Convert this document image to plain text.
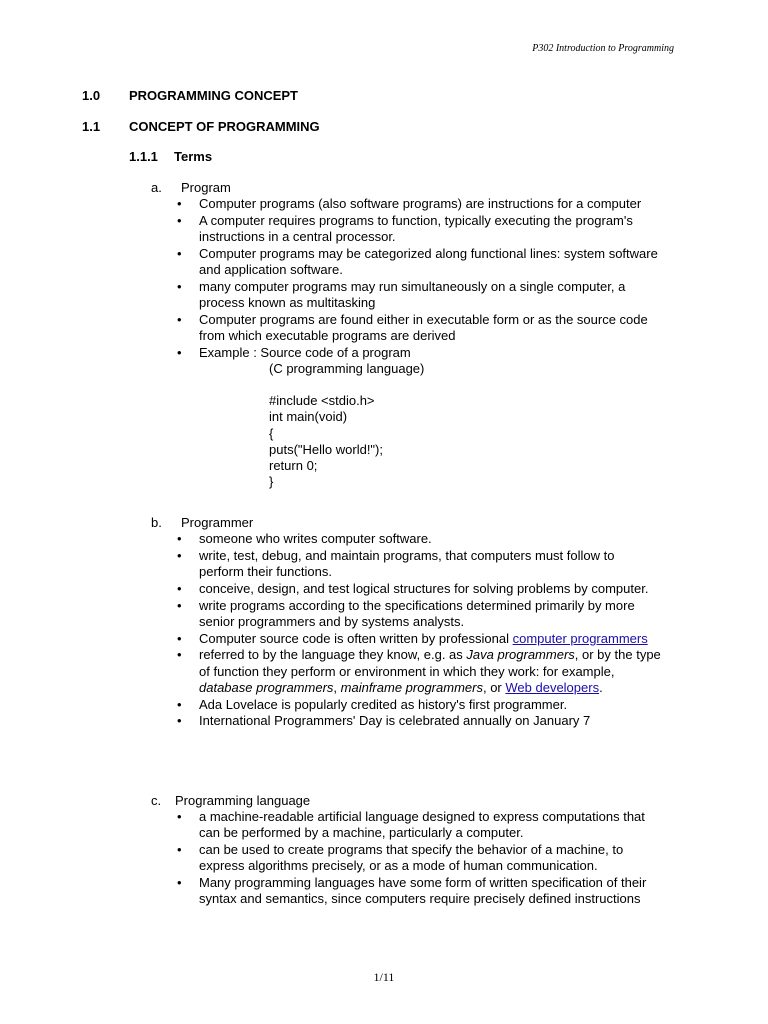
P302 Introduction to Programming
1.0 PROGRAMMING CONCEPT
1.1 CONCEPT OF PROGRAMMING
1.1.1 Terms
a. Program
• Computer programs (also software programs) are instructions for a computer
• A computer requires programs to function, typically executing the program's instructions in a central processor.
• Computer programs may be categorized along functional lines: system software and application software.
• many computer programs may run simultaneously on a single computer, a process known as multitasking
• Computer programs are found either in executable form or as the source code from which executable programs are derived
• Example : Source code of a program
(C programming language)
#include <stdio.h>
int main(void)
{
puts("Hello world!");
return 0;
}
b. Programmer
• someone who writes computer software.
• write, test, debug, and maintain programs, that computers must follow to perform their functions.
• conceive, design, and test logical structures for solving problems by computer.
• write programs according to the specifications determined primarily by more senior programmers and by systems analysts.
• Computer source code is often written by professional computer programmers
• referred to by the language they know, e.g. as Java programmers, or by the type of function they perform or environment in which they work: for example, database programmers, mainframe programmers, or Web developers.
• Ada Lovelace is popularly credited as history's first programmer.
• International Programmers' Day is celebrated annually on January 7
c. Programming language
• a machine-readable artificial language designed to express computations that can be performed by a machine, particularly a computer.
• can be used to create programs that specify the behavior of a machine, to express algorithms precisely, or as a mode of human communication.
• Many programming languages have some form of written specification of their syntax and semantics, since computers require precisely defined instructions
1/11
